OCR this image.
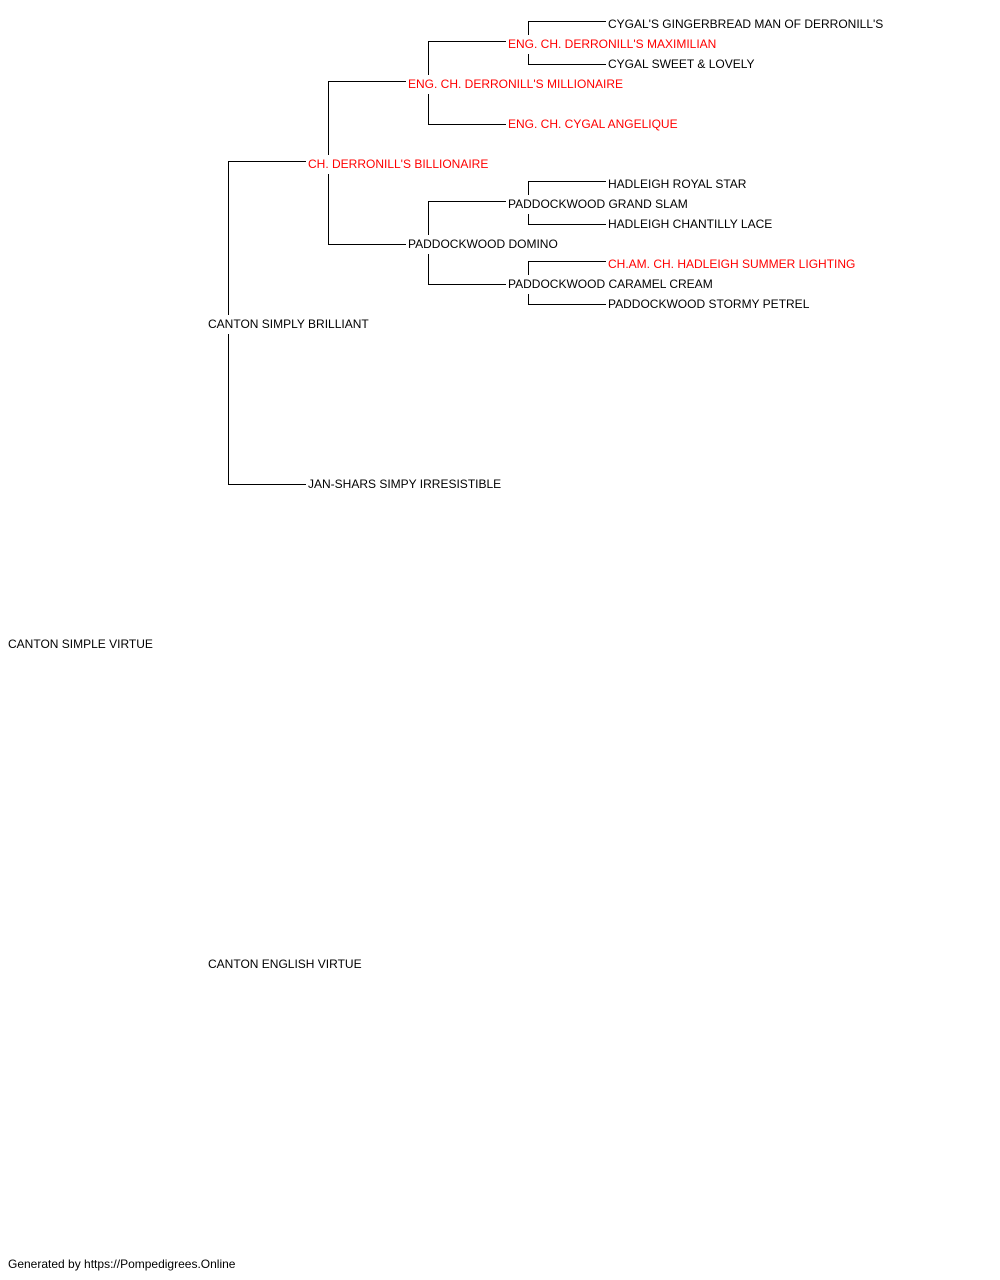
CANTON SIMPLE VIRTUE
CANTON SIMPLY BRILLIANT
CANTON ENGLISH VIRTUE
CH. DERRONILL'S BILLIONAIRE
JAN-SHARS SIMPY IRRESISTIBLE
ENG. CH. DERRONILL'S MILLIONAIRE
PADDOCKWOOD DOMINO
ENG. CH. DERRONILL'S MAXIMILIAN
ENG. CH. CYGAL ANGELIQUE
PADDOCKWOOD GRAND SLAM
PADDOCKWOOD CARAMEL CREAM
CYGAL'S GINGERBREAD MAN OF DERRONILL'S
CYGAL SWEET & LOVELY
HADLEIGH ROYAL STAR
HADLEIGH CHANTILLY LACE
CH.AM. CH. HADLEIGH SUMMER LIGHTING
PADDOCKWOOD STORMY PETREL
Generated by https://Pompedigrees.Online
